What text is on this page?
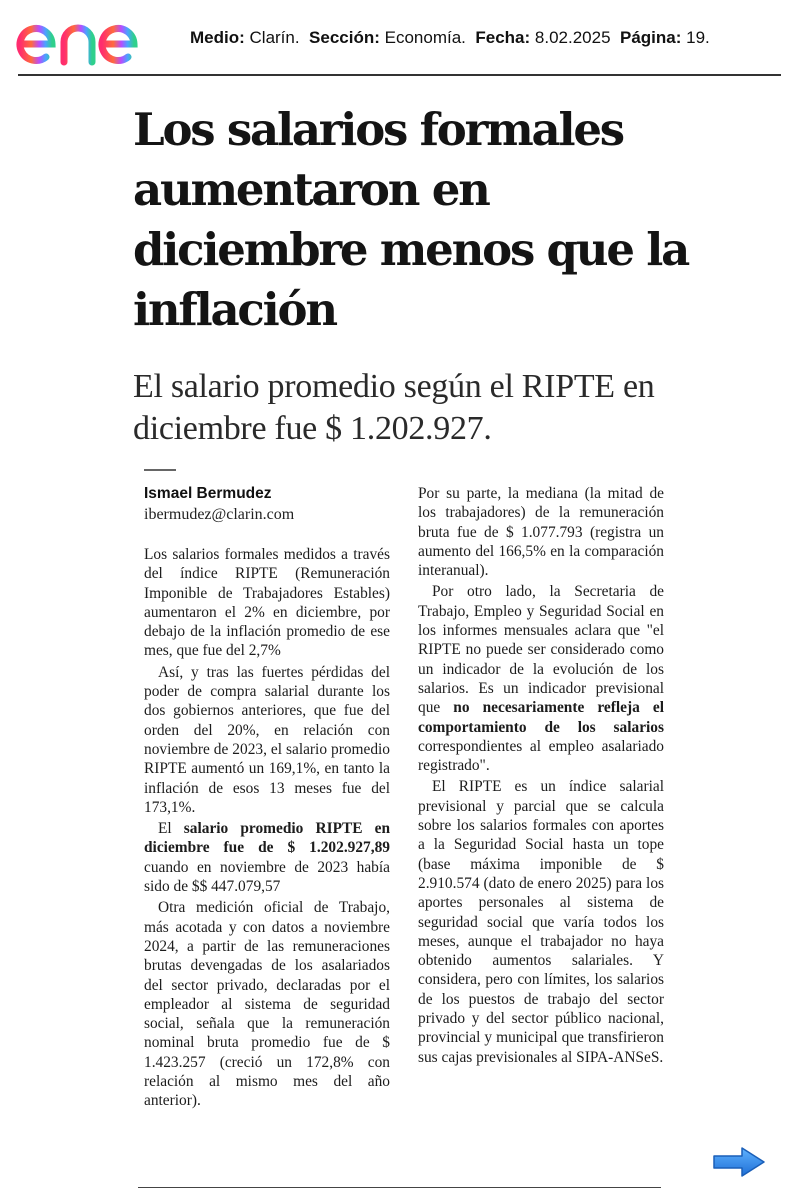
Medio: Clarín. Sección: Economía. Fecha: 8.02.2025 Página: 19.
Los salarios formales aumentaron en diciembre menos que la inflación
El salario promedio según el RIPTE en diciembre fue $ 1.202.927.
Ismael Bermudez
ibermudez@clarin.com

Los salarios formales medidos a través del índice RIPTE (Remuneración Imponible de Trabajadores Estables) aumentaron el 2% en diciembre, por debajo de la inflación promedio de ese mes, que fue del 2,7%

Así, y tras las fuertes pérdidas del poder de compra salarial durante los dos gobiernos anteriores, que fue del orden del 20%, en relación con noviembre de 2023, el salario promedio RIPTE aumentó un 169,1%, en tanto la inflación de esos 13 meses fue del 173,1%.

El salario promedio RIPTE en diciembre fue de $ 1.202.927,89 cuando en noviembre de 2023 había sido de $$ 447.079,57

Otra medición oficial de Trabajo, más acotada y con datos a noviembre 2024, a partir de las remuneraciones brutas devengadas de los asalariados del sector privado, declaradas por el empleador al sistema de seguridad social, señala que la remuneración nominal bruta promedio fue de $ 1.423.257 (creció un 172,8% con relación al mismo mes del año anterior).

Por su parte, la mediana (la mitad de los trabajadores) de la remuneración bruta fue de $ 1.077.793 (registra un aumento del 166,5% en la comparación interanual).

Por otro lado, la Secretaria de Trabajo, Empleo y Seguridad Social en los informes mensuales aclara que "el RIPTE no puede ser considerado como un indicador de la evolución de los salarios. Es un indicador previsional que no necesariamente refleja el comportamiento de los salarios correspondientes al empleo asalariado registrado".

El RIPTE es un índice salarial previsional y parcial que se calcula sobre los salarios formales con aportes a la Seguridad Social hasta un tope (base máxima imponible de $ 2.910.574 (dato de enero 2025) para los aportes personales al sistema de seguridad social que varía todos los meses, aunque el trabajador no haya obtenido aumentos salariales. Y considera, pero con límites, los salarios de los puestos de trabajo del sector privado y del sector público nacional, provincial y municipal que transfirieron sus cajas previsionales al SIPA-ANSeS.
